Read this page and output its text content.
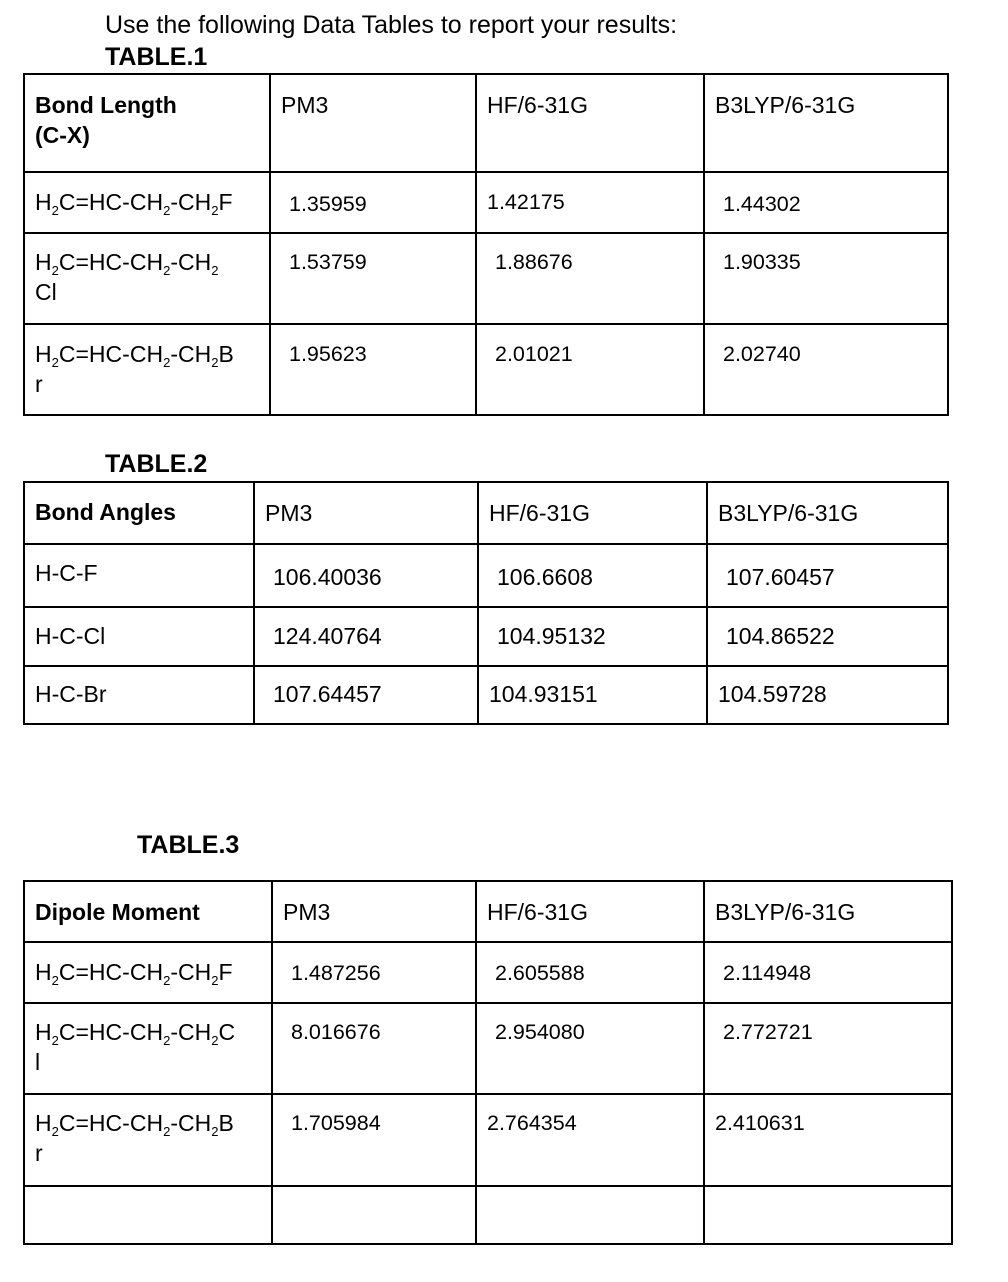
Use the following Data Tables to report your results:
TABLE.1
Bond Length
(C-X)	PM3	HF/6-31G	B3LYP/6-31G

$H_2C=HC-CH_2-CH_2F$	1.35959	1.42175	1.44302

$H_2C=HC-CH_2-CH_2$
Cl	1.53759	1.88676	1.90335

$H_2C=HC-CH_2-CH_2B$
r	1.95623	2.01021	2.02740
TABLE.2
Bond Angles	PM3	HF/6-31G	B3LYP/6-31G
H-C-F	106.40036	106.6608	107.60457
H-C-Cl	124.40764	104.95132	104.86522
H-C-Br	107.64457	104.93151	104.59728
TABLE.3
Dipole Moment	PM3	HF/6-31G	B3LYP/6-31G

$H_2C=HC-CH_2-CH_2F$	1.487256	2.605588	2.114948

$H_2C=HC-CH_2-CH_2C$
l	8.016676	2.954080	2.772721

$H_2C=HC-CH_2-CH_2B$
r	1.705984	2.764354	2.410631
